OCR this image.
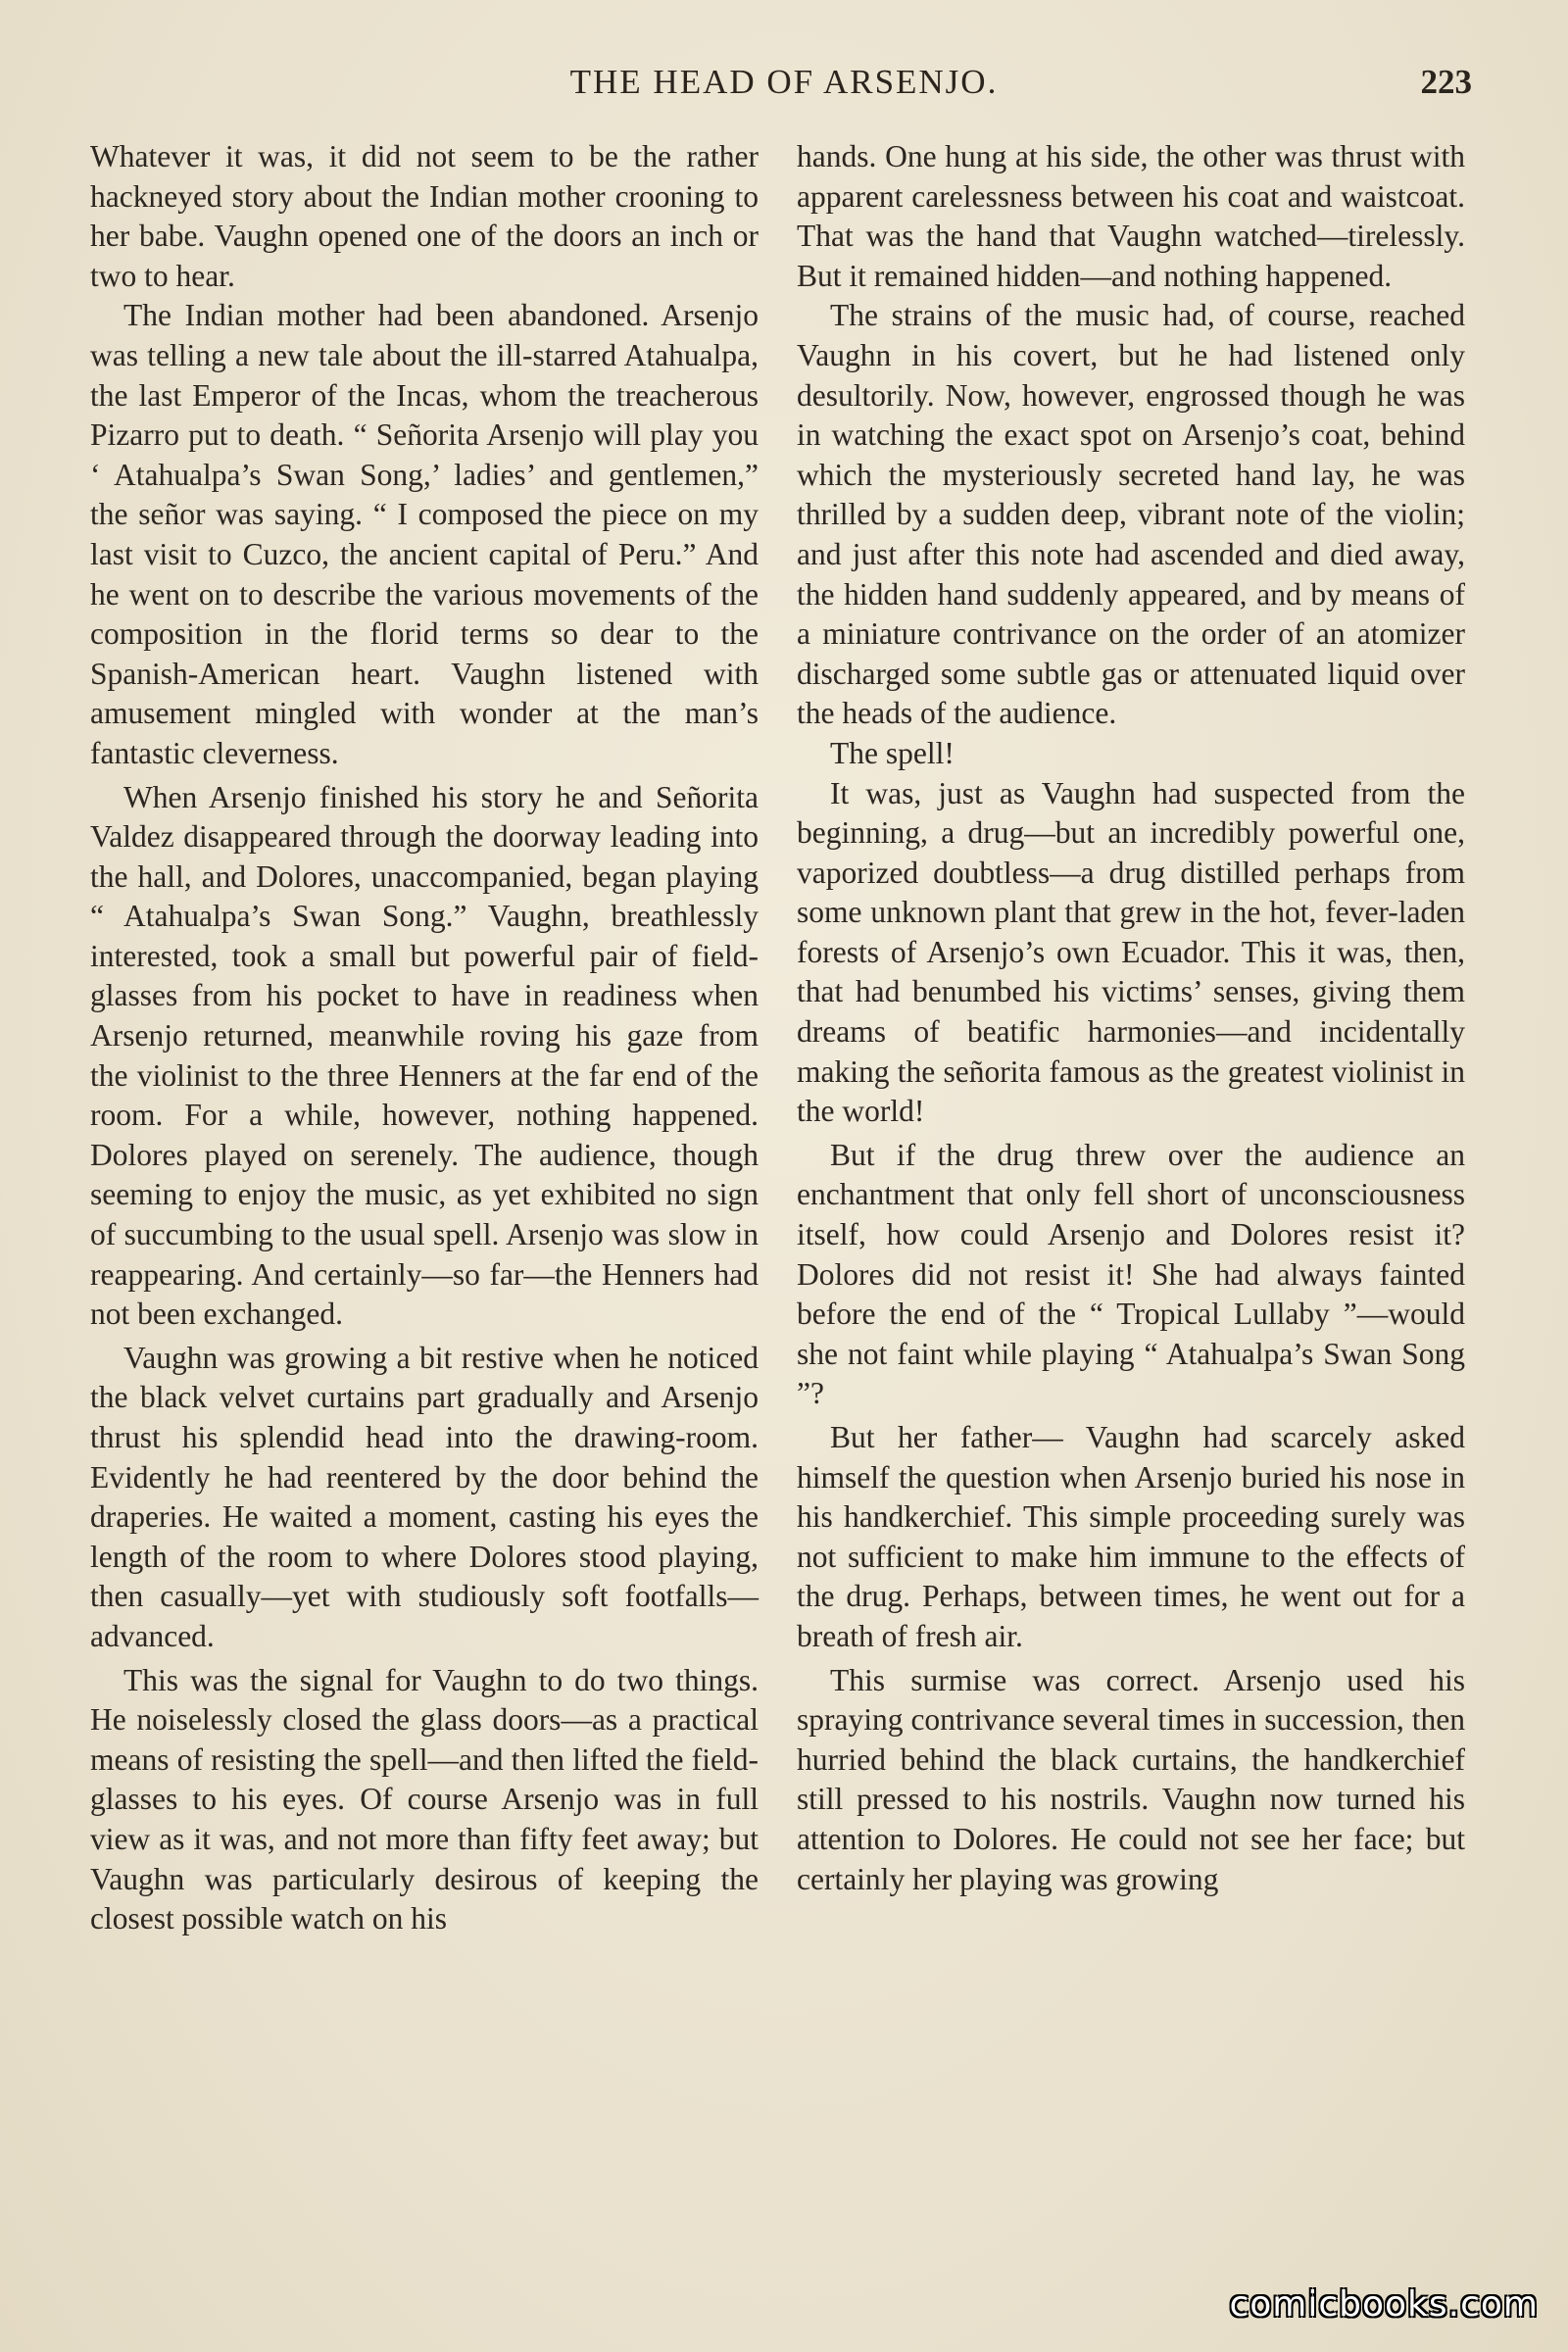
THE HEAD OF ARSENJO.	223

Whatever it was, it did not seem to be the rather hackneyed story about the Indian mother crooning to her babe. Vaughn opened one of the doors an inch or two to hear.

The Indian mother had been abandoned. Arsenjo was telling a new tale about the ill-starred Atahualpa, the last Emperor of the Incas, whom the treacherous Pizarro put to death. “ Señorita Arsenjo will play you ‘ Atahualpa’s Swan Song,’ ladies’ and gentlemen,” the señor was saying. “ I composed the piece on my last visit to Cuzco, the ancient capital of Peru.” And he went on to describe the various movements of the composition in the florid terms so dear to the Spanish-American heart. Vaughn listened with amusement mingled with wonder at the man’s fantastic cleverness.

When Arsenjo finished his story he and Señorita Valdez disappeared through the doorway leading into the hall, and Dolores, unaccompanied, began playing “ Atahualpa’s Swan Song.” Vaughn, breathlessly interested, took a small but powerful pair of field-glasses from his pocket to have in readiness when Arsenjo returned, meanwhile roving his gaze from the violinist to the three Henners at the far end of the room. For a while, however, nothing happened. Dolores played on serenely. The audience, though seeming to enjoy the music, as yet exhibited no sign of succumbing to the usual spell. Arsenjo was slow in reappearing. And certainly—so far—the Henners had not been exchanged.

Vaughn was growing a bit restive when he noticed the black velvet curtains part gradually and Arsenjo thrust his splendid head into the drawing-room. Evidently he had reentered by the door behind the draperies. He waited a moment, casting his eyes the length of the room to where Dolores stood playing, then casually—yet with studiously soft footfalls—advanced.

This was the signal for Vaughn to do two things. He noiselessly closed the glass doors—as a practical means of resisting the spell—and then lifted the field-glasses to his eyes. Of course Arsenjo was in full view as it was, and not more than fifty feet away; but Vaughn was particularly desirous of keeping the closest possible watch on his

hands. One hung at his side, the other was thrust with apparent carelessness between his coat and waistcoat. That was the hand that Vaughn watched—tirelessly. But it remained hidden—and nothing happened.

The strains of the music had, of course, reached Vaughn in his covert, but he had listened only desultorily. Now, however, engrossed though he was in watching the exact spot on Arsenjo’s coat, behind which the mysteriously secreted hand lay, he was thrilled by a sudden deep, vibrant note of the violin; and just after this note had ascended and died away, the hidden hand suddenly appeared, and by means of a miniature contrivance on the order of an atomizer discharged some subtle gas or attenuated liquid over the heads of the audience.

The spell!

It was, just as Vaughn had suspected from the beginning, a drug—but an incredibly powerful one, vaporized doubtless—a drug distilled perhaps from some unknown plant that grew in the hot, fever-laden forests of Arsenjo’s own Ecuador. This it was, then, that had benumbed his victims’ senses, giving them dreams of beatific harmonies—and incidentally making the señorita famous as the greatest violinist in the world!

But if the drug threw over the audience an enchantment that only fell short of unconsciousness itself, how could Arsenjo and Dolores resist it? Dolores did not resist it! She had always fainted before the end of the “ Tropical Lullaby ”—would she not faint while playing “ Atahualpa’s Swan Song ”?

But her father— Vaughn had scarcely asked himself the question when Arsenjo buried his nose in his handkerchief. This simple proceeding surely was not sufficient to make him immune to the effects of the drug. Perhaps, between times, he went out for a breath of fresh air.

This surmise was correct. Arsenjo used his spraying contrivance several times in succession, then hurried behind the black curtains, the handkerchief still pressed to his nostrils. Vaughn now turned his attention to Dolores. He could not see her face; but certainly her playing was growing

comicbooks.com
